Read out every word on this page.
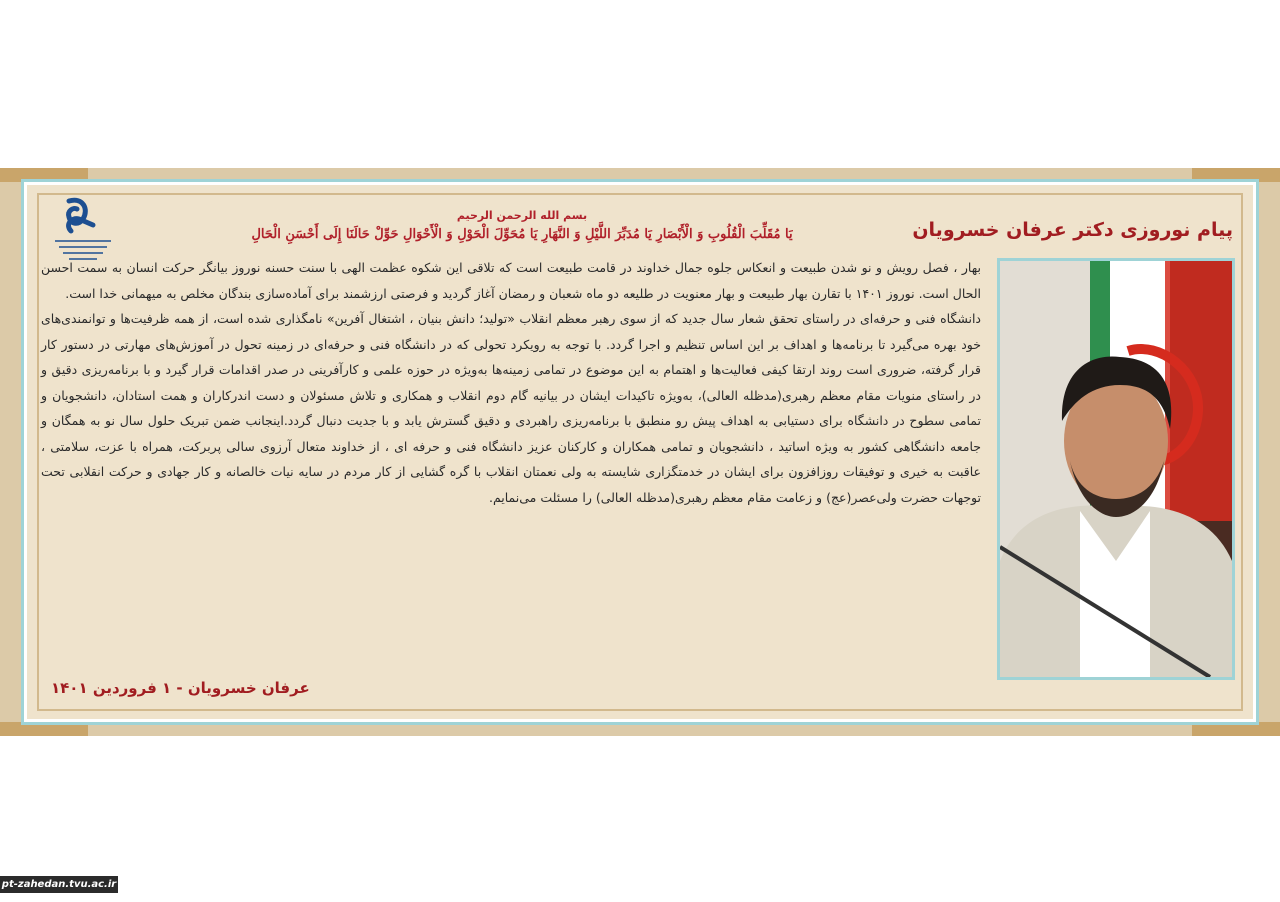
پیام نوروزی دکتر عرفان خسرویان

بسم الله الرحمن الرحیم

یَا مُقَلِّبَ الْقُلُوبِ وَ الْأَبْصَارِ یَا مُدَبِّرَ اللَّیْلِ وَ النَّهَارِ یَا مُحَوِّلَ الْحَوْلِ وَ الْأَحْوَالِ حَوِّلْ حَالَنَا إِلَى أَحْسَنِ الْحَالِ

بهار ، فصل رویش و نو شدن طبیعت و انعکاس جلوه جمال خداوند در قامت طبیعت است که تلاقی این شکوه عظمت الهی با سنت حسنه نوروز بیانگر حرکت انسان به سمت احسن الحال است. نوروز ۱۴۰۱ با تقارن بهار طبیعت و بهار معنویت در طلیعه دو ماه شعبان و رمضان آغاز گردید و فرصتی ارزشمند برای آماده‌سازی بندگان مخلص به میهمانی خدا است.

دانشگاه فنی و حرفه‌ای در راستای تحقق شعار سال جدید که از سوی رهبر معظم انقلاب «تولید؛ دانش بنیان ، اشتغال آفرین» نامگذاری شده است، از همه ظرفیت‌ها و توانمندی‌های خود بهره می‌گیرد تا برنامه‌ها و اهداف بر این اساس تنظیم و اجرا گردد. با توجه به رویکرد تحولی که در دانشگاه فنی و حرفه‌ای در زمینه تحول در آموزش‌های مهارتی در دستور کار قرار گرفته، ضروری است روند ارتقا کیفی فعالیت‌ها و اهتمام به این موضوع در تمامی زمینه‌ها به‌ویژه در حوزه علمی و کارآفرینی در صدر اقدامات قرار گیرد و با برنامه‌ریزی دقیق و در راستای منویات مقام معظم رهبری(مدظله العالی)، به‌ویژه تاکیدات ایشان در بیانیه گام دوم انقلاب و همکاری و تلاش مسئولان و دست اندرکاران و همت استادان، دانشجویان و تمامی سطوح در دانشگاه برای دستیابی به اهداف پیش رو منطبق با برنامه‌ریزی راهبردی و دقیق گسترش یابد و با جدیت دنبال گردد.اینجانب ضمن تبریک حلول سال نو به همگان و جامعه دانشگاهی کشور به ویژه اساتید ، دانشجویان و تمامی همکاران و کارکنان عزیز دانشگاه فنی و حرفه ای ، از خداوند متعال آرزوی سالی پربرکت، همراه با عزت، سلامتی ، عاقبت به خیری و توفیقات روزافزون برای ایشان در خدمتگزاری شایسته به ولی نعمتان انقلاب با گره گشایی از کار مردم در سایه نیات خالصانه و کار جهادی و حرکت انقلابی تحت توجهات حضرت ولی‌عصر(عج) و زعامت مقام معظم رهبری(مدظله العالی) را مسئلت می‌نمایم.

عرفان خسرویان - ۱ فروردین ۱۴۰۱

pt-zahedan.tvu.ac.ir
